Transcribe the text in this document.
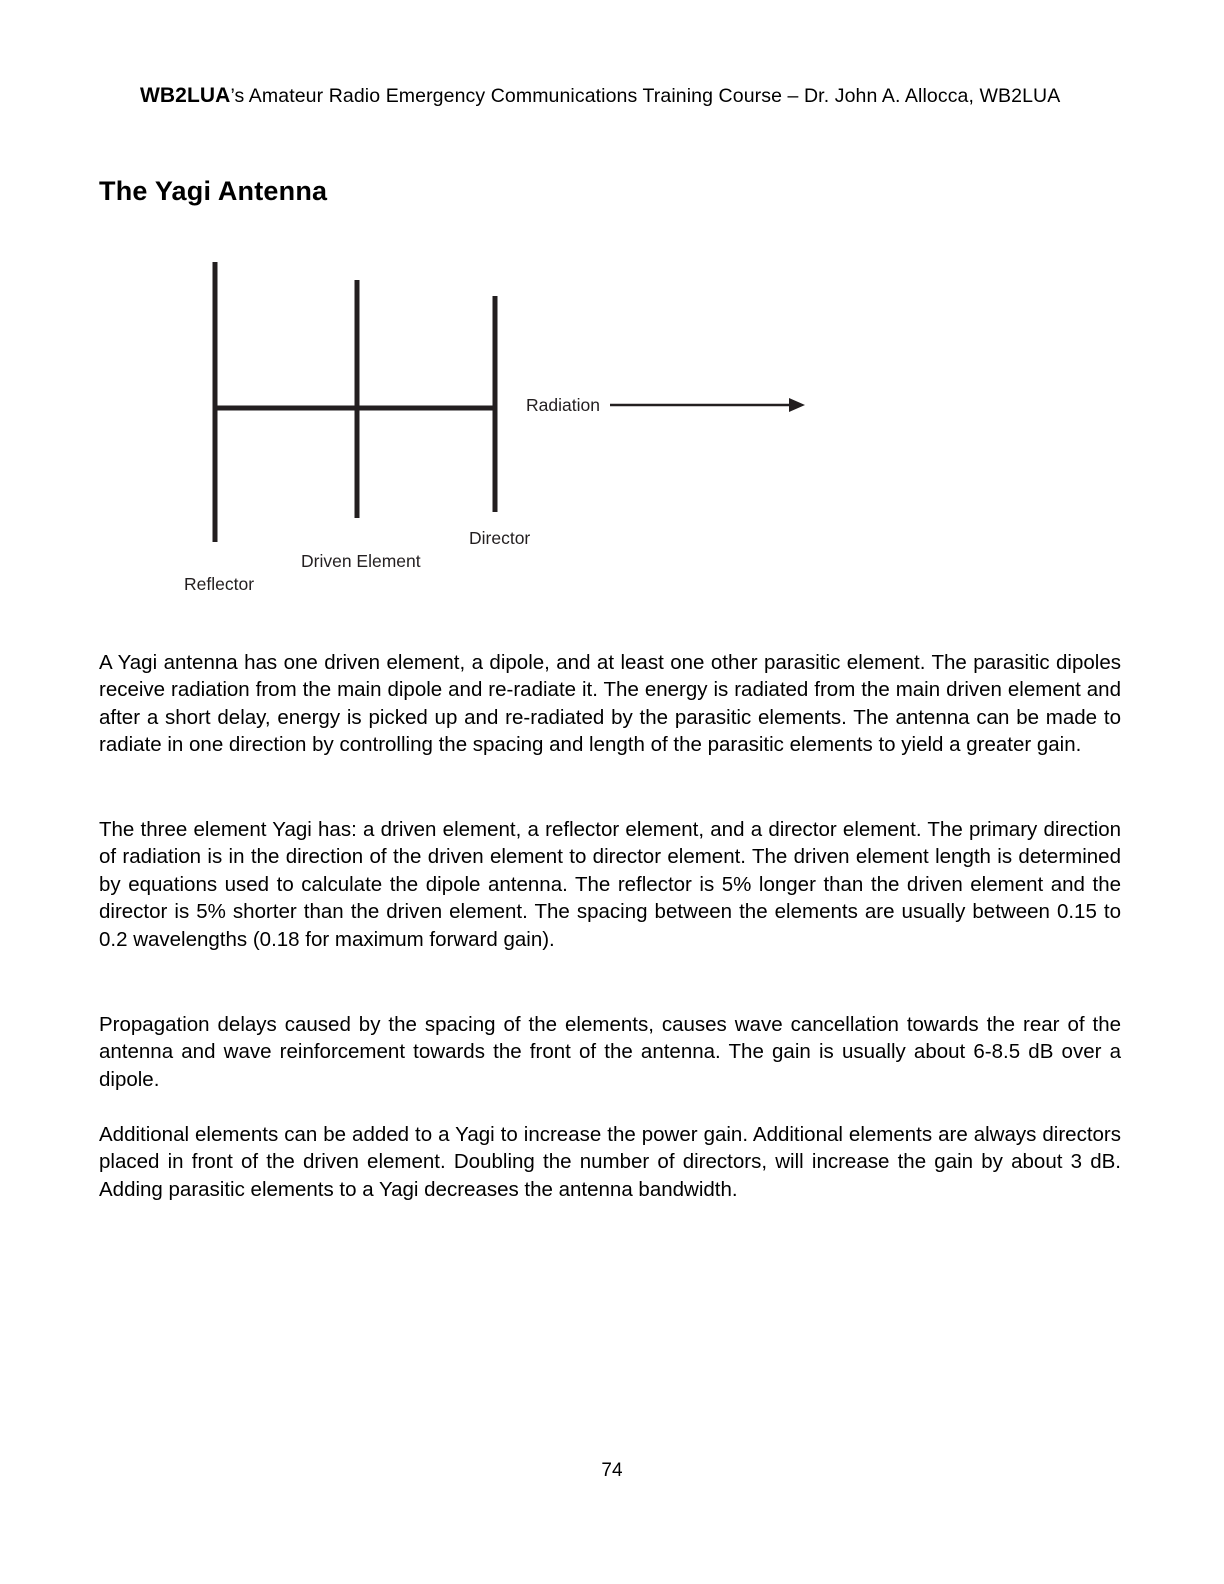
WB2LUA’s Amateur Radio Emergency Communications Training Course – Dr. John A. Allocca, WB2LUA
The Yagi Antenna
Radiation
Director
Driven Element
Reflector

A Yagi antenna has one driven element, a dipole, and at least one other parasitic element. The parasitic dipoles receive radiation from the main dipole and re-radiate it. The energy is radiated from the main driven element and after a short delay, energy is picked up and re-radiated by the parasitic elements. The antenna can be made to radiate in one direction by controlling the spacing and length of the parasitic elements to yield a greater gain.

The three element Yagi has: a driven element, a reflector element, and a director element. The primary direction of radiation is in the direction of the driven element to director element. The driven element length is determined by equations used to calculate the dipole antenna. The reflector is 5% longer than the driven element and the director is 5% shorter than the driven element. The spacing between the elements are usually between 0.15 to 0.2 wavelengths (0.18 for maximum forward gain).

Propagation delays caused by the spacing of the elements, causes wave cancellation towards the rear of the antenna and wave reinforcement towards the front of the antenna. The gain is usually about 6-8.5 dB over a dipole.

Additional elements can be added to a Yagi to increase the power gain. Additional elements are always directors placed in front of the driven element. Doubling the number of directors, will increase the gain by about 3 dB. Adding parasitic elements to a Yagi decreases the antenna bandwidth.

74
